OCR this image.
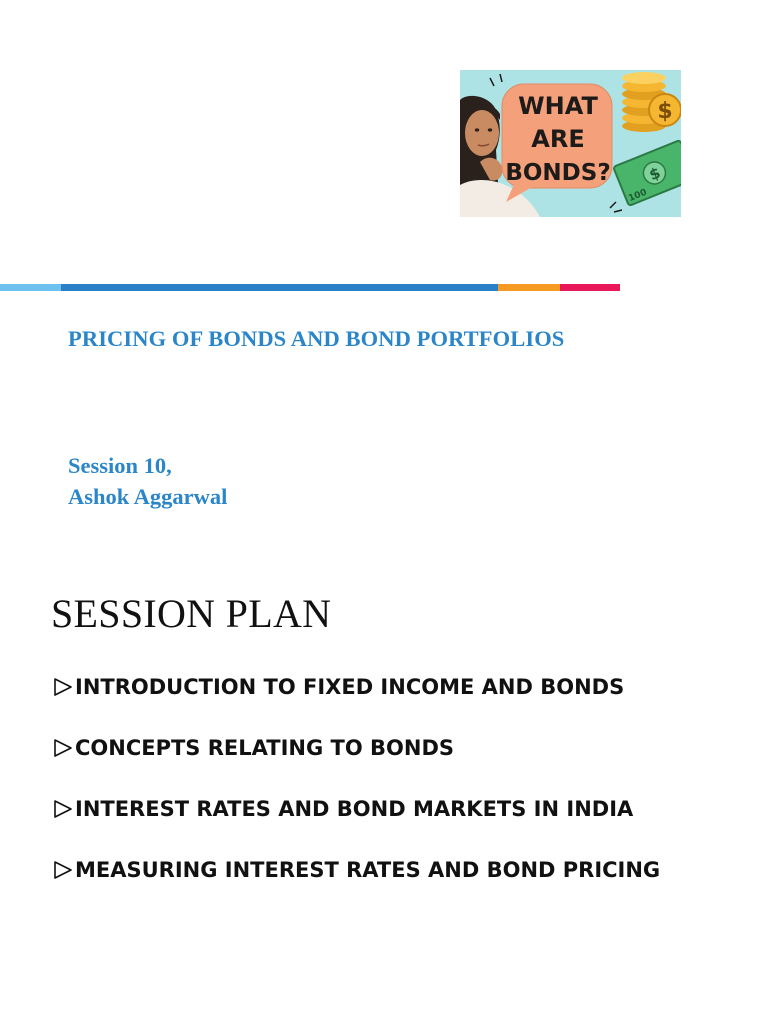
WHAT
ARE
BONDS?
$
$
100
PRICING OF BONDS AND BOND PORTFOLIOS
Session 10,
Ashok Aggarwal
SESSION PLAN
INTRODUCTION TO FIXED INCOME AND BONDS
CONCEPTS RELATING TO BONDS
INTEREST RATES AND BOND MARKETS IN INDIA
MEASURING INTEREST RATES AND BOND PRICING
